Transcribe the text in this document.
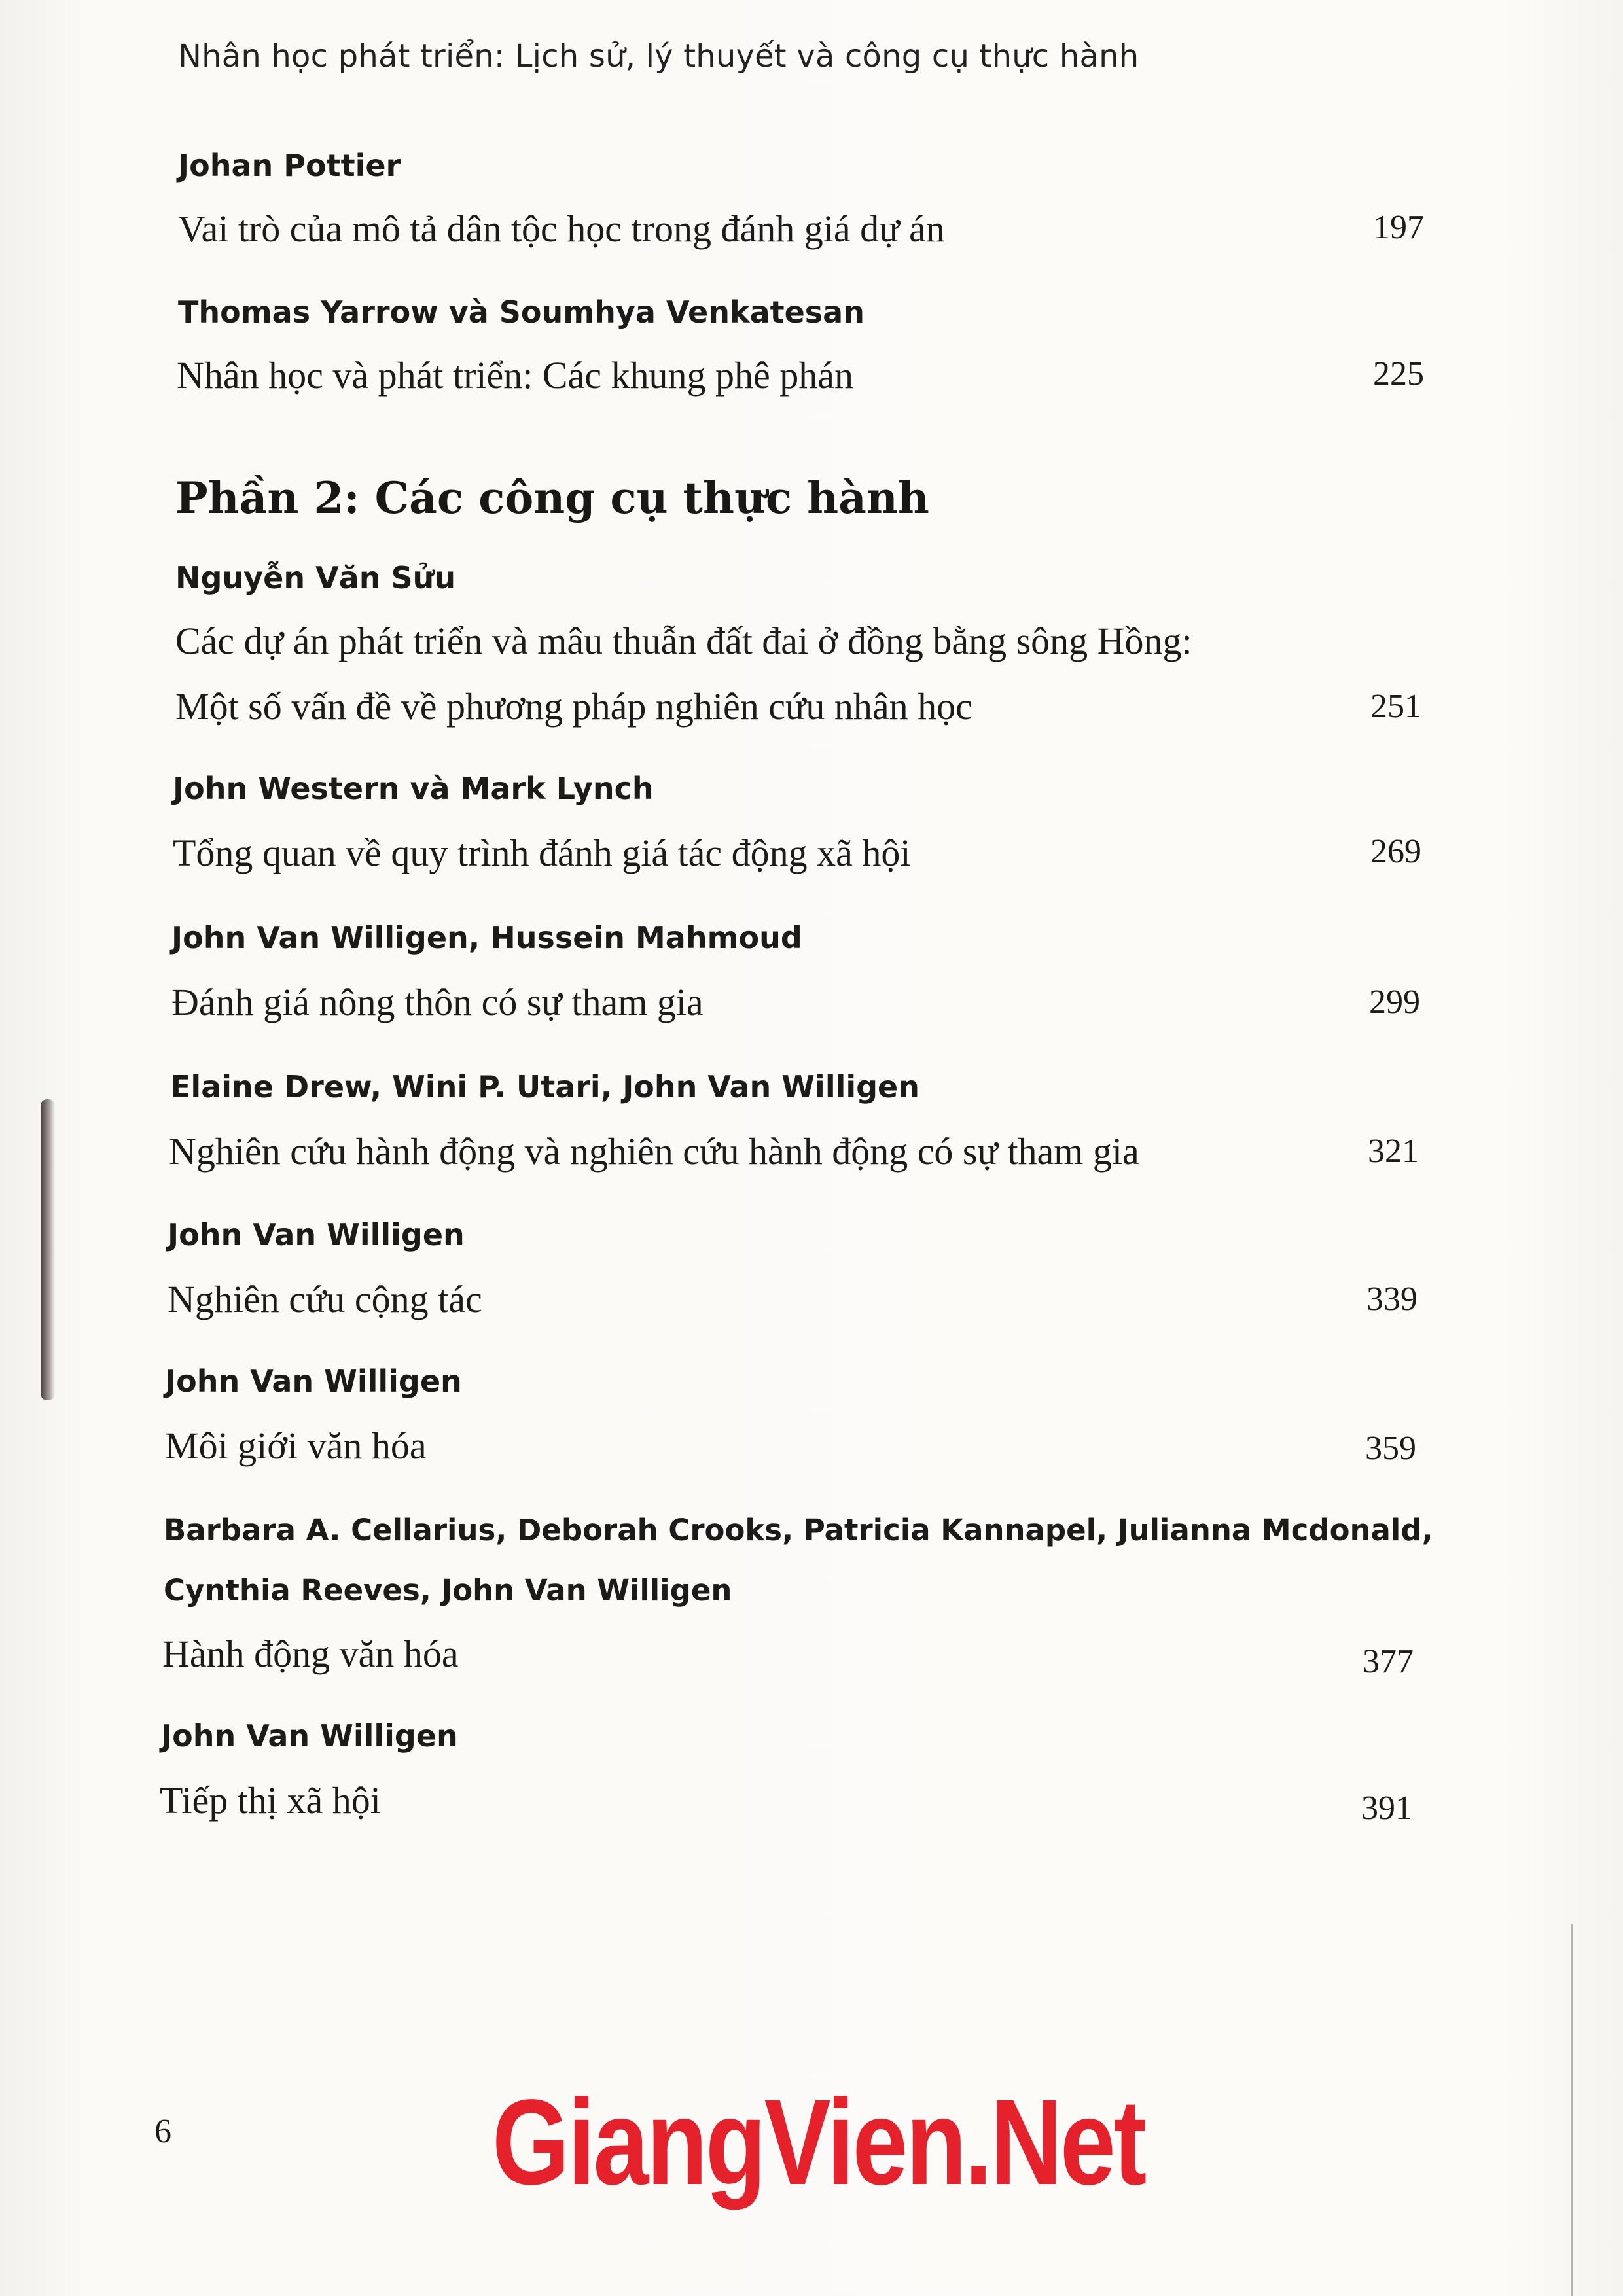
Nhân học phát triển: Lịch sử, lý thuyết và công cụ thực hành
Johan Pottier
Vai trò của mô tả dân tộc học trong đánh giá dự án	197
Thomas Yarrow và Soumhya Venkatesan
Nhân học và phát triển: Các khung phê phán	225
Phần 2: Các công cụ thực hành
Nguyễn Văn Sửu
Các dự án phát triển và mâu thuẫn đất đai ở đồng bằng sông Hồng:
Một số vấn đề về phương pháp nghiên cứu nhân học	251
John Western và Mark Lynch
Tổng quan về quy trình đánh giá tác động xã hội	269
John Van Willigen, Hussein Mahmoud
Đánh giá nông thôn có sự tham gia	299
Elaine Drew, Wini P. Utari, John Van Willigen
Nghiên cứu hành động và nghiên cứu hành động có sự tham gia	321
John Van Willigen
Nghiên cứu cộng tác	339
John Van Willigen
Môi giới văn hóa	359
Barbara A. Cellarius, Deborah Crooks, Patricia Kannapel, Julianna Mcdonald,
Cynthia Reeves, John Van Willigen
Hành động văn hóa	377
John Van Willigen
Tiếp thị xã hội	391
6	GiangVien.Net
